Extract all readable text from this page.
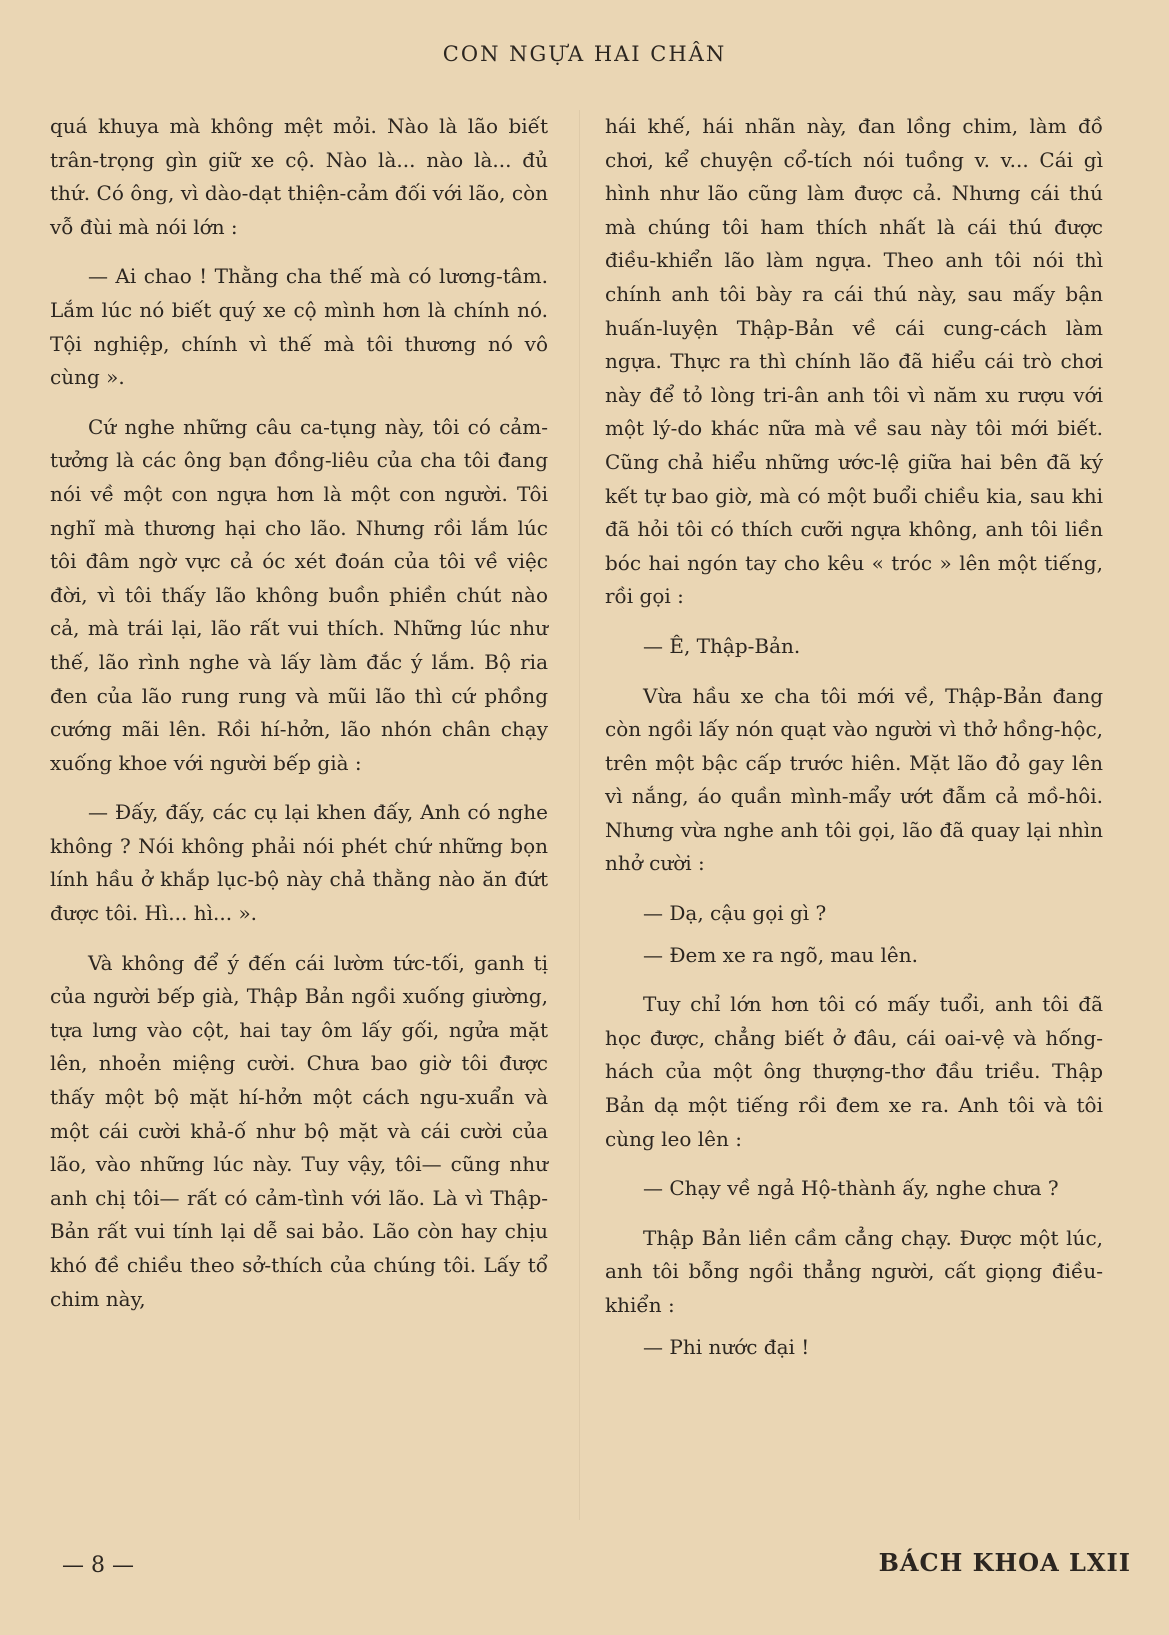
CON NGỰA HAI CHÂN

quá khuya mà không mệt mỏi. Nào là lão biết trân-trọng gìn giữ xe cộ. Nào là... nào là... đủ thứ. Có ông, vì dào-dạt thiện-cảm đối với lão, còn vỗ đùi mà nói lớn :

— Ai chao ! Thằng cha thế mà có lương-tâm. Lắm lúc nó biết quý xe cộ mình hơn là chính nó. Tội nghiệp, chính vì thế mà tôi thương nó vô cùng ».

Cứ nghe những câu ca-tụng này, tôi có cảm-tưởng là các ông bạn đồng-liêu của cha tôi đang nói về một con ngựa hơn là một con người. Tôi nghĩ mà thương hại cho lão. Nhưng rồi lắm lúc tôi đâm ngờ vực cả óc xét đoán của tôi về việc đời, vì tôi thấy lão không buồn phiền chút nào cả, mà trái lại, lão rất vui thích. Những lúc như thế, lão rình nghe và lấy làm đắc ý lắm. Bộ ria đen của lão rung rung và mũi lão thì cứ phồng cướng mãi lên. Rồi hí-hởn, lão nhón chân chạy xuống khoe với người bếp già :

— Đấy, đấy, các cụ lại khen đấy, Anh có nghe không ? Nói không phải nói phét chứ những bọn lính hầu ở khắp lục-bộ này chả thằng nào ăn đứt được tôi. Hì... hì... ».

Và không để ý đến cái lườm tức-tối, ganh tị của người bếp già, Thập Bản ngồi xuống giường, tựa lưng vào cột, hai tay ôm lấy gối, ngửa mặt lên, nhoẻn miệng cười. Chưa bao giờ tôi được thấy một bộ mặt hí-hởn một cách ngu-xuẩn và một cái cười khả-ố như bộ mặt và cái cười của lão, vào những lúc này. Tuy vậy, tôi— cũng như anh chị tôi— rất có cảm-tình với lão. Là vì Thập-Bản rất vui tính lại dễ sai bảo. Lão còn hay chịu khó đề chiều theo sở-thích của chúng tôi. Lấy tổ chim này,

hái khế, hái nhãn này, đan lồng chim, làm đồ chơi, kể chuyện cổ-tích nói tuồng v. v... Cái gì hình như lão cũng làm được cả. Nhưng cái thú mà chúng tôi ham thích nhất là cái thú được điều-khiển lão làm ngựa. Theo anh tôi nói thì chính anh tôi bày ra cái thú này, sau mấy bận huấn-luyện Thập-Bản về cái cung-cách làm ngựa. Thực ra thì chính lão đã hiểu cái trò chơi này để tỏ lòng tri-ân anh tôi vì năm xu rượu với một lý-do khác nữa mà về sau này tôi mới biết. Cũng chả hiểu những ước-lệ giữa hai bên đã ký kết tự bao giờ, mà có một buổi chiều kia, sau khi đã hỏi tôi có thích cưỡi ngựa không, anh tôi liền bóc hai ngón tay cho kêu « tróc » lên một tiếng, rồi gọi :

— Ê, Thập-Bản.

Vừa hầu xe cha tôi mới về, Thập-Bản đang còn ngồi lấy nón quạt vào người vì thở hồng-hộc, trên một bậc cấp trước hiên. Mặt lão đỏ gay lên vì nắng, áo quần mình-mẩy ướt đẫm cả mồ-hôi. Nhưng vừa nghe anh tôi gọi, lão đã quay lại nhìn nhở cười :

— Dạ, cậu gọi gì ?

— Đem xe ra ngõ, mau lên.

Tuy chỉ lớn hơn tôi có mấy tuổi, anh tôi đã học được, chẳng biết ở đâu, cái oai-vệ và hống-hách của một ông thượng-thơ đầu triều. Thập Bản dạ một tiếng rồi đem xe ra. Anh tôi và tôi cùng leo lên :

— Chạy về ngả Hộ-thành ấy, nghe chưa ?

Thập Bản liền cầm cẳng chạy. Được một lúc, anh tôi bỗng ngồi thẳng người, cất giọng điều-khiển :

— Phi nước đại !

— 8 —	BÁCH KHOA LXII
